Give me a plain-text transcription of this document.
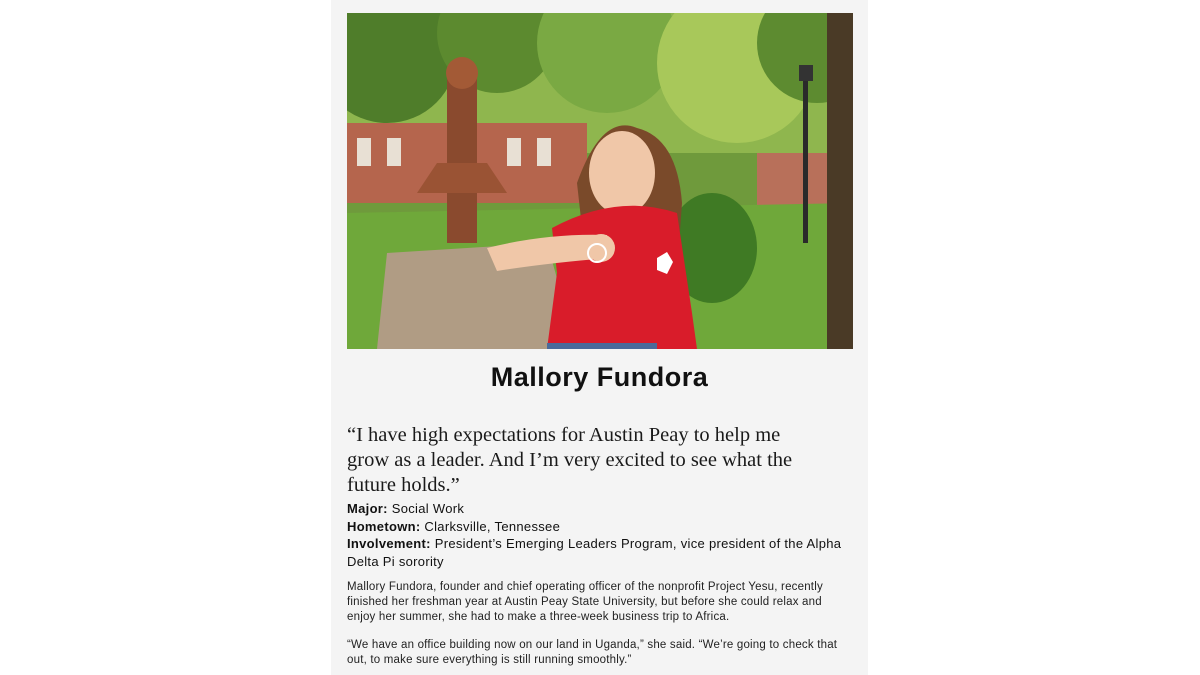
Mallory Fundora
“I have high expectations for Austin Peay to help me grow as a leader. And I’m very excited to see what the future holds.”
Major: Social Work
Hometown: Clarksville, Tennessee
Involvement: President’s Emerging Leaders Program, vice president of the Alpha Delta Pi sorority
Mallory Fundora, founder and chief operating officer of the nonprofit Project Yesu, recently finished her freshman year at Austin Peay State University, but before she could relax and enjoy her summer, she had to make a three-week business trip to Africa.
“We have an office building now on our land in Uganda,” she said. “We’re going to check that out, to make sure everything is still running smoothly.”
